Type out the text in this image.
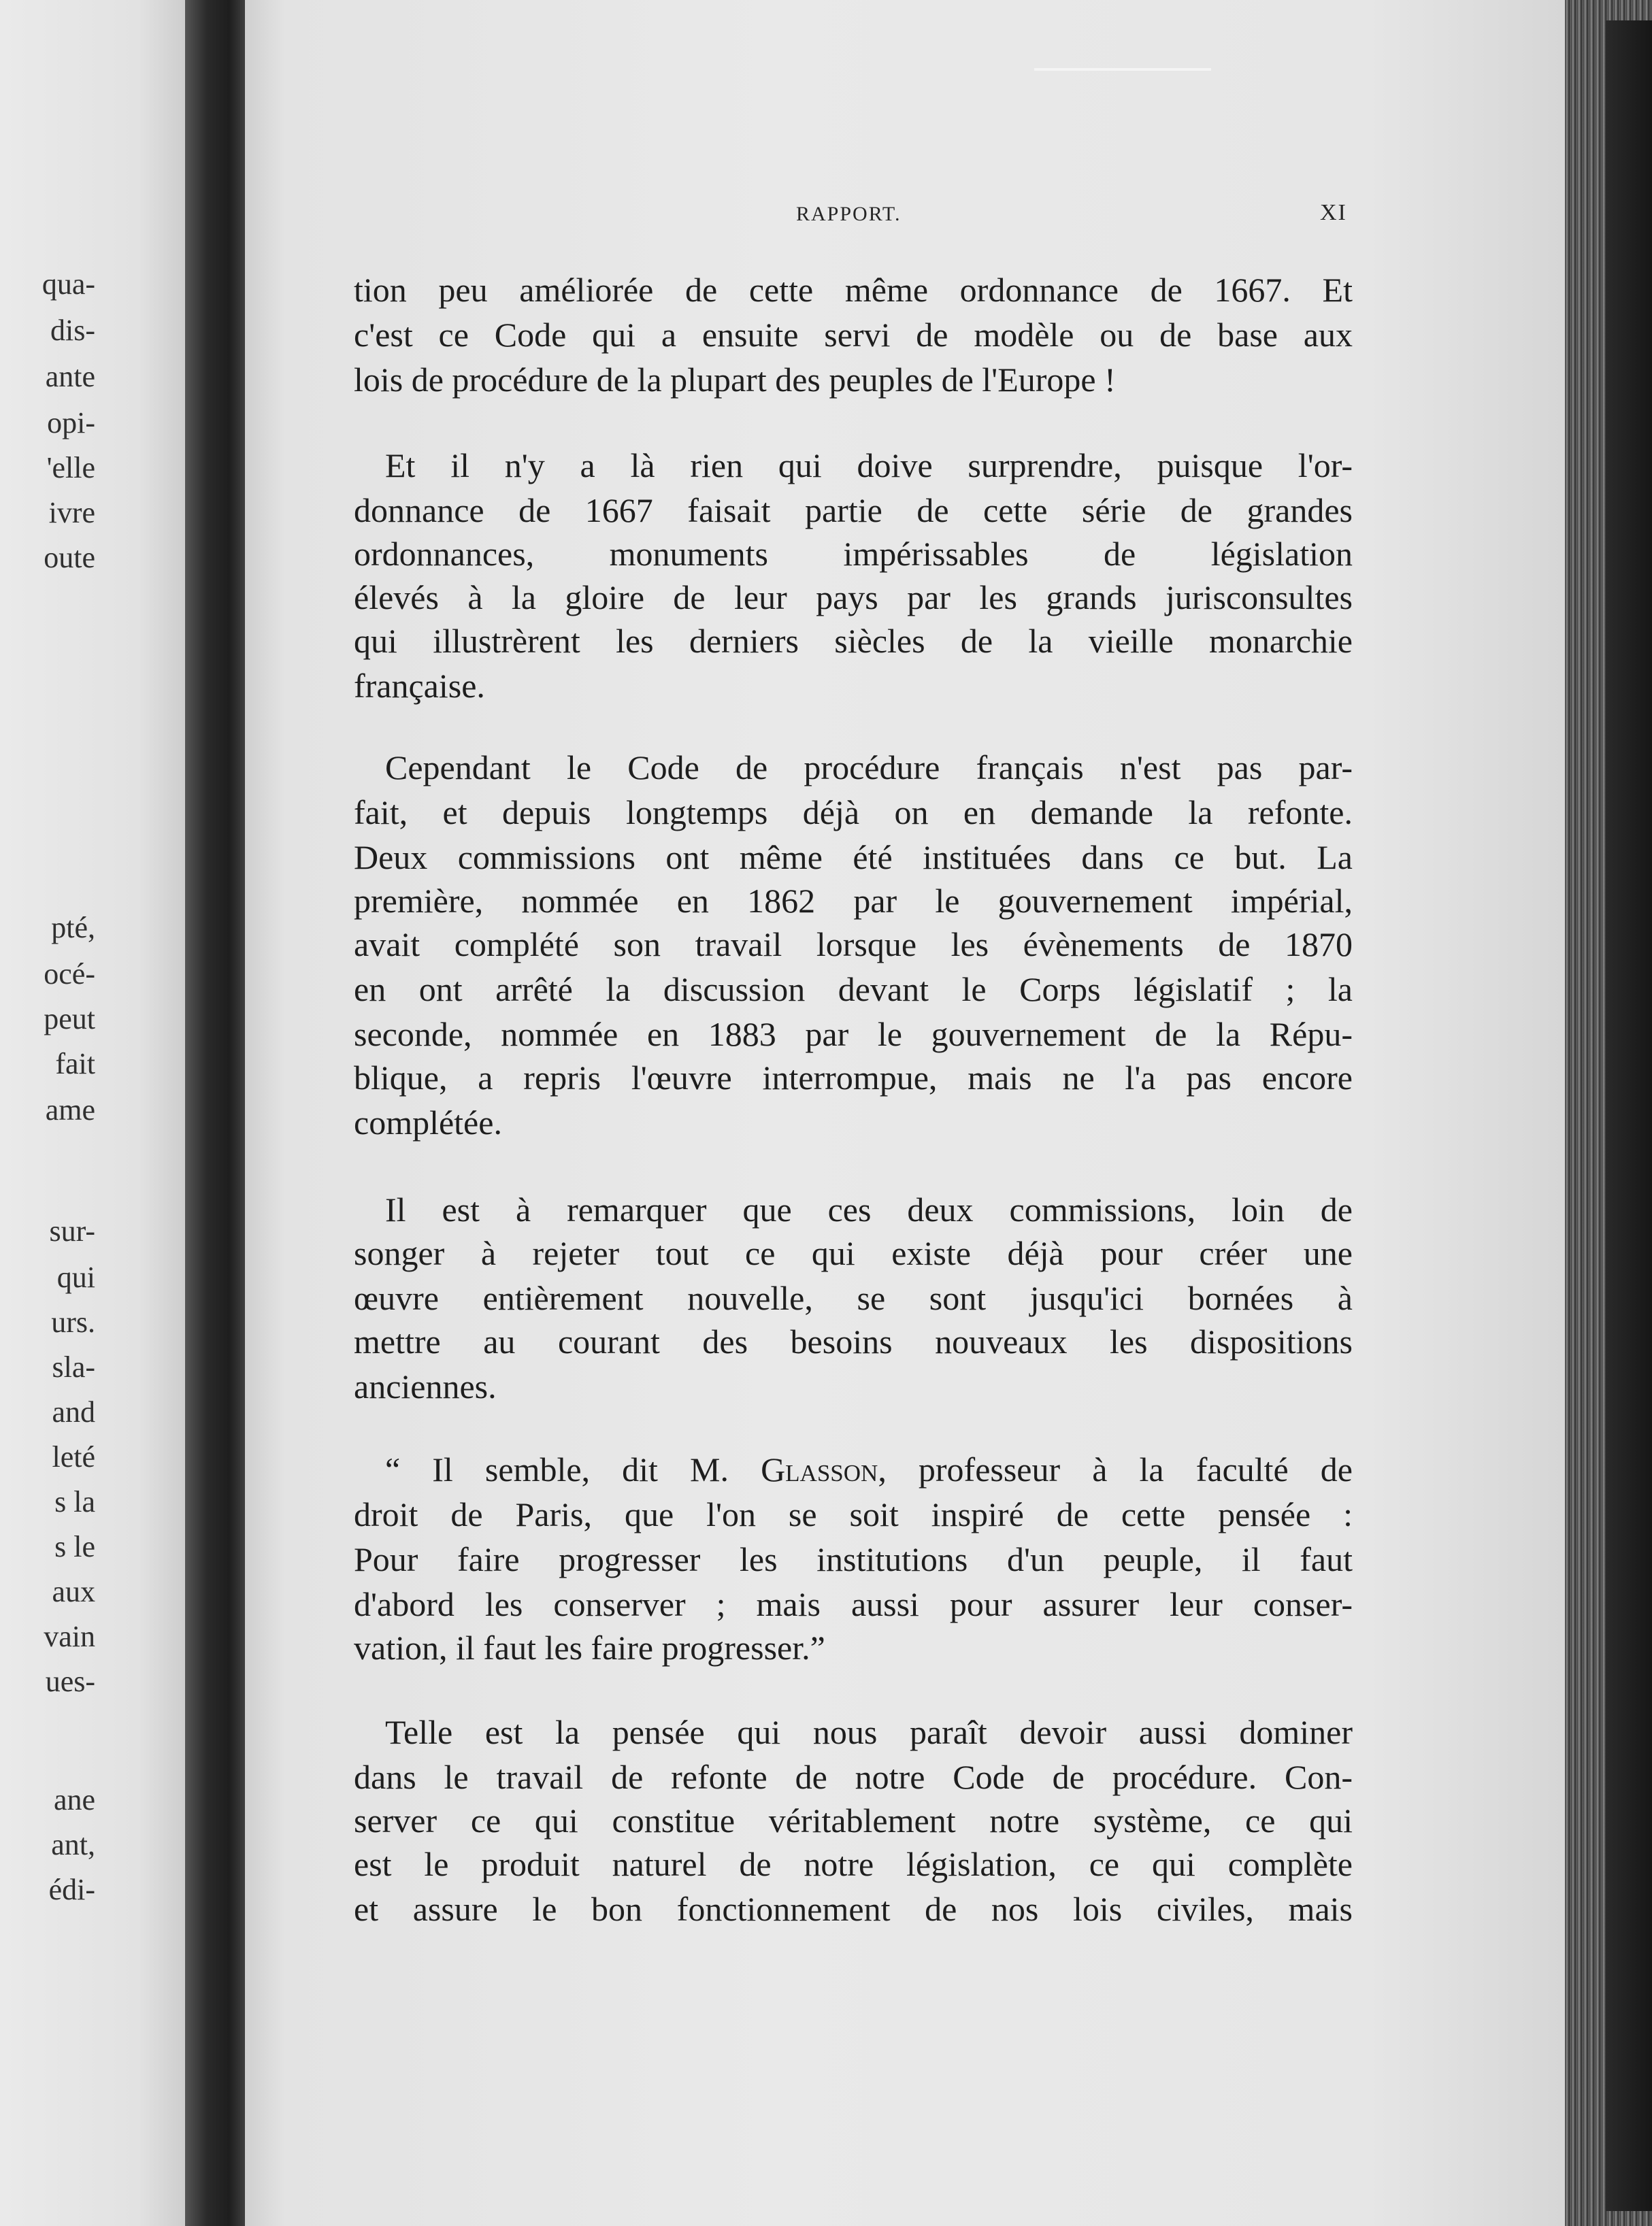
qua-
dis-
ante
opi-
'elle
ivre
oute
pté,
océ-
peut
fait
ame
sur-
qui
urs.
sla-
and
leté
s la
s le
aux
vain
ues-
ane
ant,
édi-
RAPPORT.	XI
tion peu améliorée de cette même ordonnance de 1667. Et
c'est ce Code qui a ensuite servi de modèle ou de base aux
lois de procédure de la plupart des peuples de l'Europe !
Et il n'y a là rien qui doive surprendre, puisque l'or-
donnance de 1667 faisait partie de cette série de grandes
ordonnances, monuments impérissables de législation
élevés à la gloire de leur pays par les grands jurisconsultes
qui illustrèrent les derniers siècles de la vieille monarchie
française.
Cependant le Code de procédure français n'est pas par-
fait, et depuis longtemps déjà on en demande la refonte.
Deux commissions ont même été instituées dans ce but. La
première, nommée en 1862 par le gouvernement impérial,
avait complété son travail lorsque les évènements de 1870
en ont arrêté la discussion devant le Corps législatif ; la
seconde, nommée en 1883 par le gouvernement de la Répu-
blique, a repris l'œuvre interrompue, mais ne l'a pas encore
complétée.
Il est à remarquer que ces deux commissions, loin de
songer à rejeter tout ce qui existe déjà pour créer une
œuvre entièrement nouvelle, se sont jusqu'ici bornées à
mettre au courant des besoins nouveaux les dispositions
anciennes.
“ Il semble, dit M. Glasson, professeur à la faculté de
droit de Paris, que l'on se soit inspiré de cette pensée :
Pour faire progresser les institutions d'un peuple, il faut
d'abord les conserver ; mais aussi pour assurer leur conser-
vation, il faut les faire progresser.”
Telle est la pensée qui nous paraît devoir aussi dominer
dans le travail de refonte de notre Code de procédure. Con-
server ce qui constitue véritablement notre système, ce qui
est le produit naturel de notre législation, ce qui complète
et assure le bon fonctionnement de nos lois civiles, mais
